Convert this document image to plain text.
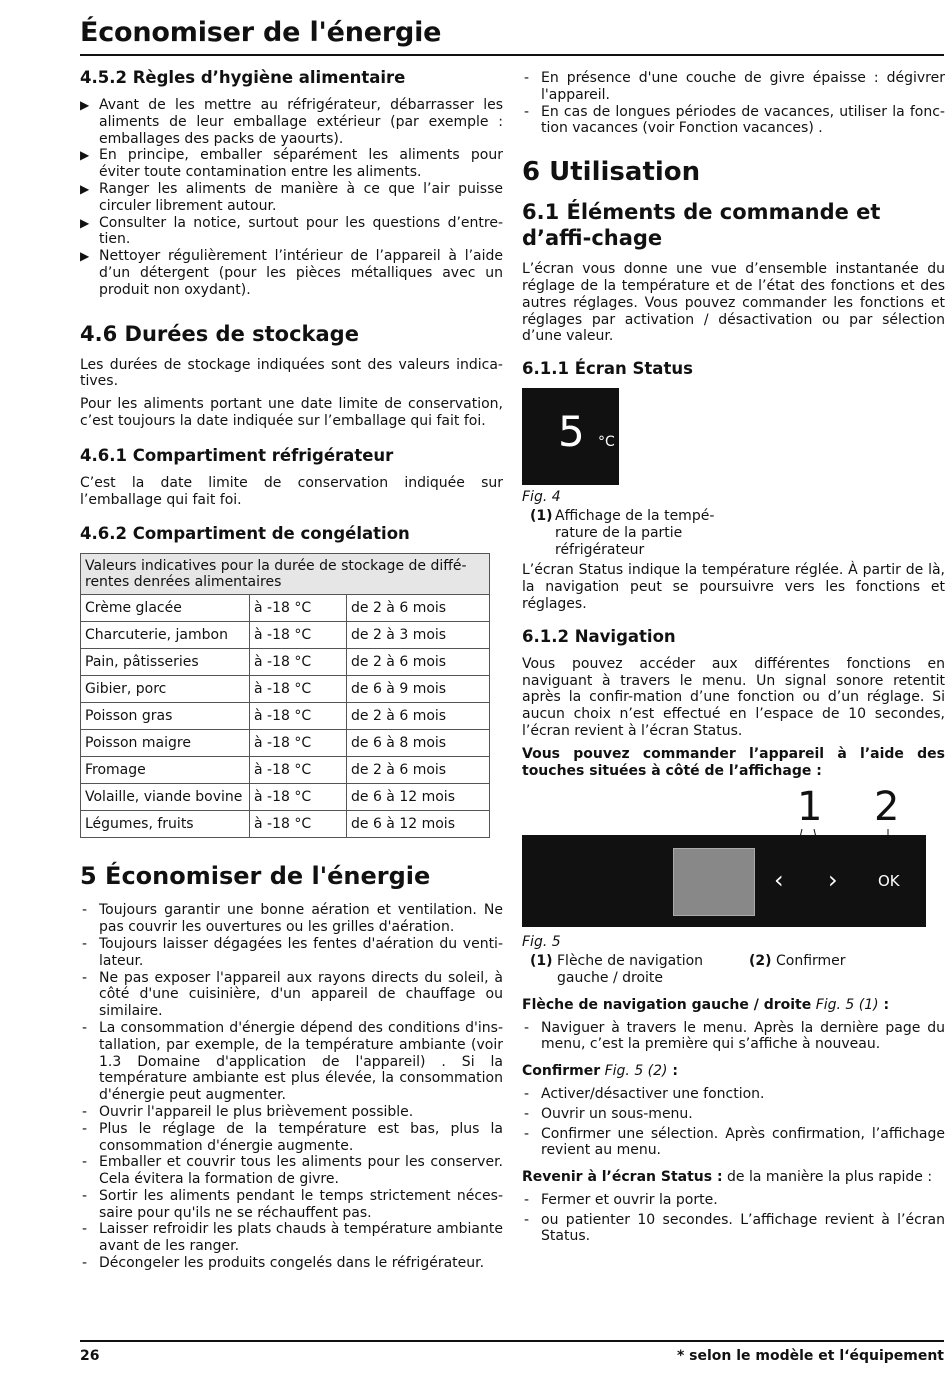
Économiser de l'énergie
4.5.2 Règles d’hygiène alimentaire
▶ Avant de les mettre au réfrigérateur, débarrasser les aliments de leur emballage extérieur (par exemple : emballages des packs de yaourts).
▶ En principe, emballer séparément les aliments pour éviter toute contamination entre les aliments.
▶ Ranger les aliments de manière à ce que l’air puisse circuler librement autour.
▶ Consulter la notice, surtout pour les questions d’entre-tien.
▶ Nettoyer régulièrement l’intérieur de l’appareil à l’aide d’un détergent (pour les pièces métalliques avec un produit non oxydant).
4.6 Durées de stockage

Les durées de stockage indiquées sont des valeurs indica-tives.

Pour les aliments portant une date limite de conservation, c’est toujours la date indiquée sur l’emballage qui fait foi.

4.6.1 Compartiment réfrigérateur

C’est la date limite de conservation indiquée sur l’emballage qui fait foi.

4.6.2 Compartiment de congélation
Valeurs indicatives pour la durée de stockage de diffé-rentes denrées alimentaires		
Crème glacée	à -18 °C	de 2 à 6 mois
Charcuterie, jambon	à -18 °C	de 2 à 3 mois
Pain, pâtisseries	à -18 °C	de 2 à 6 mois
Gibier, porc	à -18 °C	de 6 à 9 mois
Poisson gras	à -18 °C	de 2 à 6 mois
Poisson maigre	à -18 °C	de 6 à 8 mois
Fromage	à -18 °C	de 2 à 6 mois
Volaille, viande bovine	à -18 °C	de 6 à 12 mois
Légumes, fruits	à -18 °C	de 6 à 12 mois
5 Économiser de l'énergie
- Toujours garantir une bonne aération et ventilation. Ne pas couvrir les ouvertures ou les grilles d'aération.
- Toujours laisser dégagées les fentes d'aération du venti-lateur.
- Ne pas exposer l'appareil aux rayons directs du soleil, à côté d'une cuisinière, d'un appareil de chauffage ou similaire.
- La consommation d'énergie dépend des conditions d'ins-tallation, par exemple, de la température ambiante (voir 1.3 Domaine d'application de l'appareil) . Si la température ambiante est plus élevée, la consommation d'énergie peut augmenter.
- Ouvrir l'appareil le plus brièvement possible.
- Plus le réglage de la température est bas, plus la consommation d'énergie augmente.
- Emballer et couvrir tous les aliments pour les conserver. Cela évitera la formation de givre.
- Sortir les aliments pendant le temps strictement néces-saire pour qu'ils ne se réchauffent pas.
- Laisser refroidir les plats chauds à température ambiante avant de les ranger.
- Décongeler les produits congelés dans le réfrigérateur.
- En présence d'une couche de givre épaisse : dégivrer l'appareil.
- En cas de longues périodes de vacances, utiliser la fonc-tion vacances (voir Fonction vacances) .
6 Utilisation
6.1 Éléments de commande et d’affi-chage

L’écran vous donne une vue d’ensemble instantanée du réglage de la température et de l’état des fonctions et des autres réglages. Vous pouvez commander les fonctions et réglages par activation / désactivation ou par sélection d’une valeur.

6.1.1 Écran Status
5 °C
Fig. 4
(1) Affichage de la tempé-rature de la partie réfrigérateur

L’écran Status indique la température réglée. À partir de là, la navigation peut se poursuivre vers les fonctions et réglages.

6.1.2 Navigation

Vous pouvez accéder aux différentes fonctions en naviguant à travers le menu. Un signal sonore retentit après la confir-mation d’une fonction ou d’un réglage. Si aucun choix n’est effectué en l’espace de 10 secondes, l’écran revient à l’écran Status.

Vous pouvez commander l’appareil à l’aide des touches situées à côté de l’affichage :

1 2
‹ ›	OK
Fig. 5
(1) Flèche de navigation gauche / droite
(2) Confirmer

Flèche de navigation gauche / droite Fig. 5 (1) :

- Naviguer à travers le menu. Après la dernière page du menu, c’est la première qui s’affiche à nouveau.

Confirmer Fig. 5 (2) :

- Activer/désactiver une fonction.
- Ouvrir un sous-menu.
- Confirmer une sélection. Après confirmation, l’affichage revient au menu.

Revenir à l’écran Status : de la manière la plus rapide :

- Fermer et ouvrir la porte.
- ou patienter 10 secondes. L’affichage revient à l’écran Status.
26	* selon le modèle et l‘équipement
